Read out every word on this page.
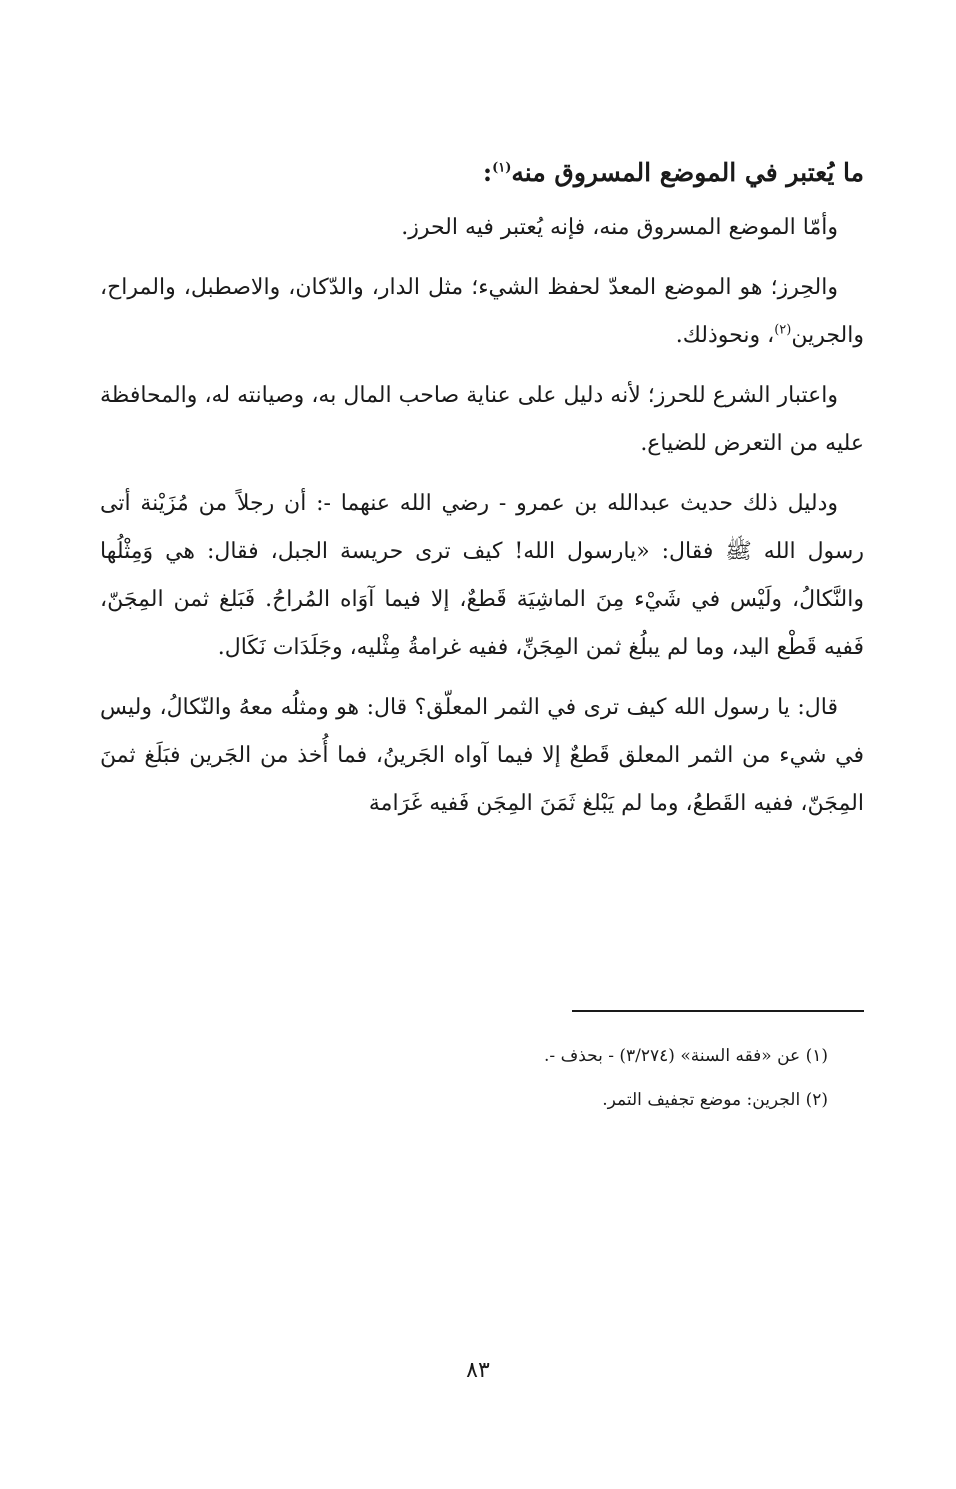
ما يُعتبر في الموضع المسروق منه$^{(١)}$:

وأمّا الموضع المسروق منه، فإنه يُعتبر فيه الحرز.

والحِرز؛ هو الموضع المعدّ لحفظ الشيء؛ مثل الدار، والدّكان، والاصطبل، والمراح، والجرين$^{(٢)}$، ونحوذلك.

واعتبار الشرع للحرز؛ لأنه دليل على عناية صاحب المال به، وصيانته له، والمحافظة عليه من التعرض للضياع.

ودليل ذلك حديث عبدالله بن عمرو - رضي الله عنهما -: أن رجلاً من مُزَيْنة أتى رسول الله ﷺ فقال: «يارسول الله! كيف ترى حريسة الجبل، فقال: هي وَمِثْلُها والنَّكالُ، ولَيْس في شَيْء مِنَ الماشِيَة قَطعٌ، إلا فيما آوَاه المُراحُ. فَبَلغ ثمن المِجَنّ، فَفيه قَطْع اليد، وما لم يبلُغ ثمن المِجَنِّ، ففيه غرامةُ مِثْليه، وجَلَدَات نَكَال.

قال: يا رسول الله كيف ترى في الثمر المعلّق؟ قال: هو ومثلُه معهُ والنّكالُ، وليس في شيء من الثمر المعلق قَطعٌ إلا فيما آواه الجَرينُ، فما أُخذ من الجَرين فبَلَغ ثمنَ المِجَنّ، ففيه القَطعُ، وما لم يَبْلغ ثَمَنَ المِجَن فَفيه غَرَامة

(١) عن «فقه السنة» (٣/٢٧٤) - بحذف -.
(٢) الجرين: موضع تجفيف التمر.
٨٣
